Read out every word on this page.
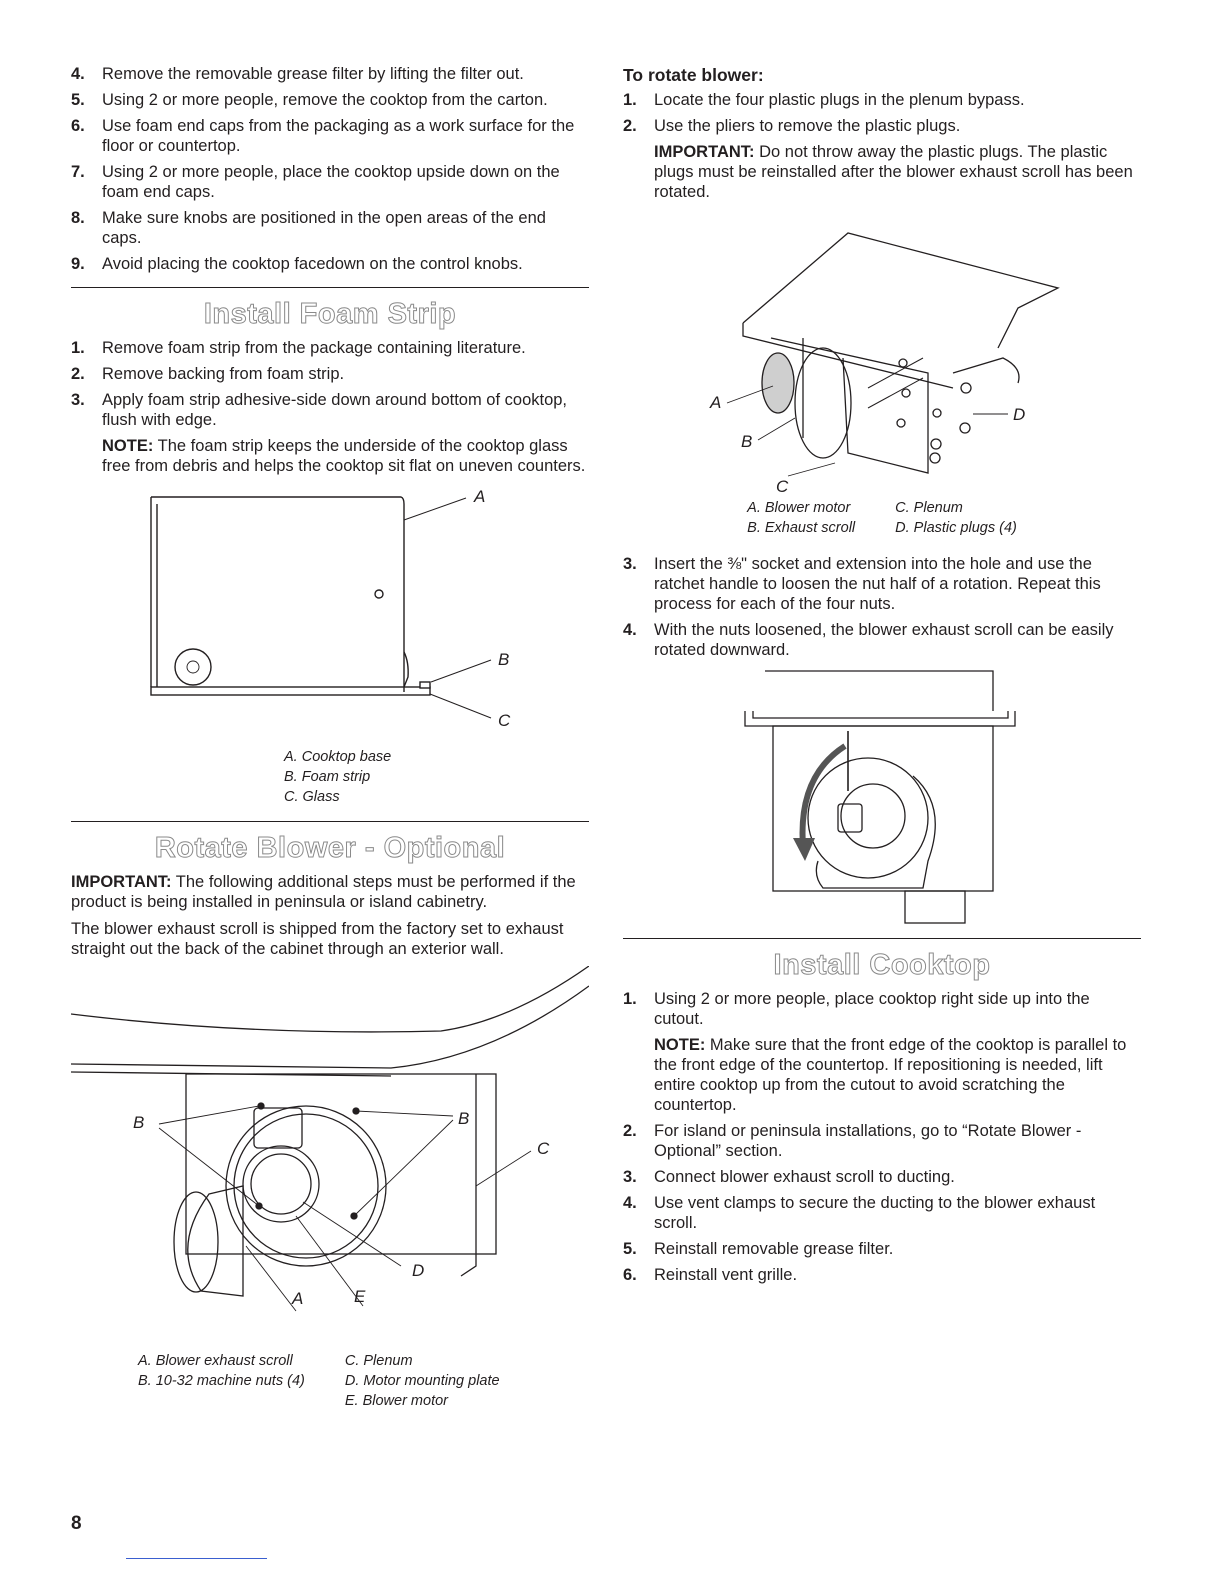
4. Remove the removable grease filter by lifting the filter out.
5. Using 2 or more people, remove the cooktop from the carton.
6. Use foam end caps from the packaging as a work surface for the floor or countertop.
7. Using 2 or more people, place the cooktop upside down on the foam end caps.
8. Make sure knobs are positioned in the open areas of the end caps.
9. Avoid placing the cooktop facedown on the control knobs.
Install Foam Strip
1. Remove foam strip from the package containing literature.
2. Remove backing from foam strip.
3. Apply foam strip adhesive-side down around bottom of cooktop, flush with edge.

NOTE: The foam strip keeps the underside of the cooktop glass free from debris and helps the cooktop sit flat on uneven counters.

A
B
C
A. Cooktop base
B. Foam strip
C. Glass
Rotate Blower - Optional

IMPORTANT: The following additional steps must be performed if the product is being installed in peninsula or island cabinetry.

The blower exhaust scroll is shipped from the factory set to exhaust straight out the back of the cabinet through an exterior wall.

B	B
C
D
A	E
A. Blower exhaust scroll
B. 10-32 machine nuts (4)
C. Plenum
D. Motor mounting plate
E. Blower motor
To rotate blower:
1. Locate the four plastic plugs in the plenum bypass.
2. Use the pliers to remove the plastic plugs.

IMPORTANT: Do not throw away the plastic plugs. The plastic plugs must be reinstalled after the blower exhaust scroll has been rotated.

A
B
C
D
A. Blower motor
B. Exhaust scroll
C. Plenum
D. Plastic plugs (4)
3. Insert the ⅜" socket and extension into the hole and use the ratchet handle to loosen the nut half of a rotation. Repeat this process for each of the four nuts.
4. With the nuts loosened, the blower exhaust scroll can be easily rotated downward.
Install Cooktop
1. Using 2 or more people, place cooktop right side up into the cutout.

NOTE: Make sure that the front edge of the cooktop is parallel to the front edge of the countertop. If repositioning is needed, lift entire cooktop up from the cutout to avoid scratching the countertop.

2. For island or peninsula installations, go to “Rotate Blower - Optional” section.
3. Connect blower exhaust scroll to ducting.
4. Use vent clamps to secure the ducting to the blower exhaust scroll.
5. Reinstall removable grease filter.
6. Reinstall vent grille.
8
